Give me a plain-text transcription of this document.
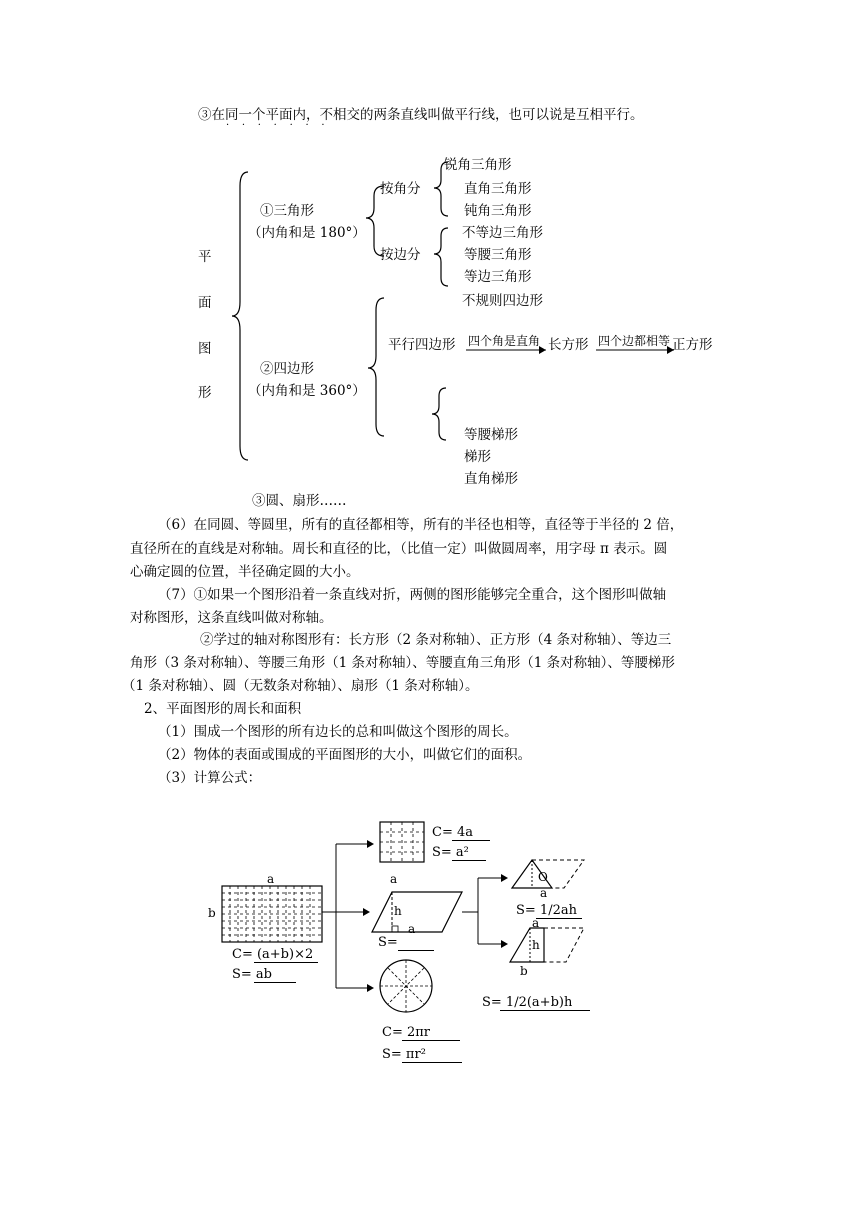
③在同一个平面内，不相交的两条直线叫做平行线，也可以说是互相平行。
·    ·    ·    ·    ·    ·    ·
平
面
图
形
①三角形
（内角和是 180°）
按角分
按边分
锐角三角形
直角三角形
钝角三角形
不等边三角形
等腰三角形
等边三角形
不规则四边形
②四边形
（内角和是 360°）
平行四边形 四个角是直角 长方形 四个边都相等 正方形
等腰梯形
梯形
直角梯形
③圆、扇形……
（6）在同圆、等圆里，所有的直径都相等，所有的半径也相等，直径等于半径的 2 倍，
直径所在的直线是对称轴。周长和直径的比，（比值一定）叫做圆周率，用字母 π 表示。圆
心确定圆的位置，半径确定圆的大小。
（7）①如果一个图形沿着一条直线对折，两侧的图形能够完全重合，这个图形叫做轴
对称图形，这条直线叫做对称轴。
②学过的轴对称图形有：长方形（2 条对称轴）、正方形（4 条对称轴）、等边三
角形（3 条对称轴）、等腰三角形（1 条对称轴）、等腰直角三角形（1 条对称轴）、等腰梯形
（1 条对称轴）、圆（无数条对称轴）、扇形（1 条对称轴）。
2、平面图形的周长和面积
（1）围成一个图形的所有边长的总和叫做这个图形的周长。
（2）物体的表面或围成的平面图形的大小，叫做它们的面积。
（3）计算公式：
a
b
C= (a+b)×2
S= ab
C= 4a
S= a²
a
h
a
S=
C= 2πr
S= πr²
O
a
S= 1/2ah
a
h
b
S= 1/2(a+b)h
